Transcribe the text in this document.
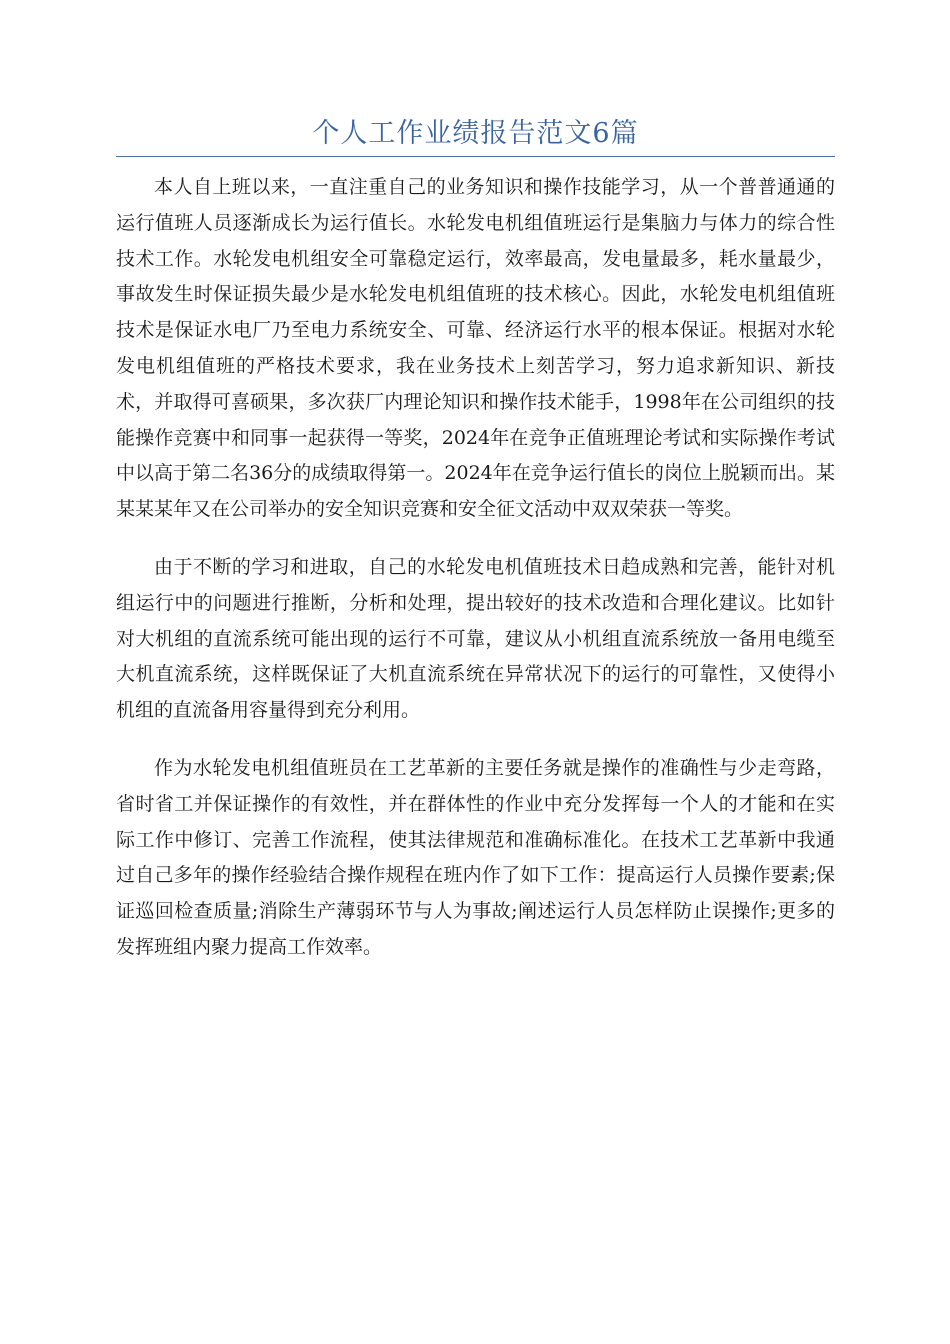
个人工作业绩报告范文6篇

本人自上班以来，一直注重自己的业务知识和操作技能学习，从一个普普通通的运行值班人员逐渐成长为运行值长。水轮发电机组值班运行是集脑力与体力的综合性技术工作。水轮发电机组安全可靠稳定运行，效率最高，发电量最多，耗水量最少，事故发生时保证损失最少是水轮发电机组值班的技术核心。因此，水轮发电机组值班技术是保证水电厂乃至电力系统安全、可靠、经济运行水平的根本保证。根据对水轮发电机组值班的严格技术要求，我在业务技术上刻苦学习，努力追求新知识、新技术，并取得可喜硕果，多次获厂内理论知识和操作技术能手，1998年在公司组织的技能操作竞赛中和同事一起获得一等奖，2024年在竞争正值班理论考试和实际操作考试中以高于第二名36分的成绩取得第一。2024年在竞争运行值长的岗位上脱颖而出。某某某某年又在公司举办的安全知识竞赛和安全征文活动中双双荣获一等奖。

由于不断的学习和进取，自己的水轮发电机值班技术日趋成熟和完善，能针对机组运行中的问题进行推断，分析和处理，提出较好的技术改造和合理化建议。比如针对大机组的直流系统可能出现的运行不可靠，建议从小机组直流系统放一备用电缆至大机直流系统，这样既保证了大机直流系统在异常状况下的运行的可靠性，又使得小机组的直流备用容量得到充分利用。

作为水轮发电机组值班员在工艺革新的主要任务就是操作的准确性与少走弯路，省时省工并保证操作的有效性，并在群体性的作业中充分发挥每一个人的才能和在实际工作中修订、完善工作流程，使其法律规范和准确标准化。在技术工艺革新中我通过自己多年的操作经验结合操作规程在班内作了如下工作：提高运行人员操作要素;保证巡回检查质量;消除生产薄弱环节与人为事故;阐述运行人员怎样防止误操作;更多的发挥班组内聚力提高工作效率。
